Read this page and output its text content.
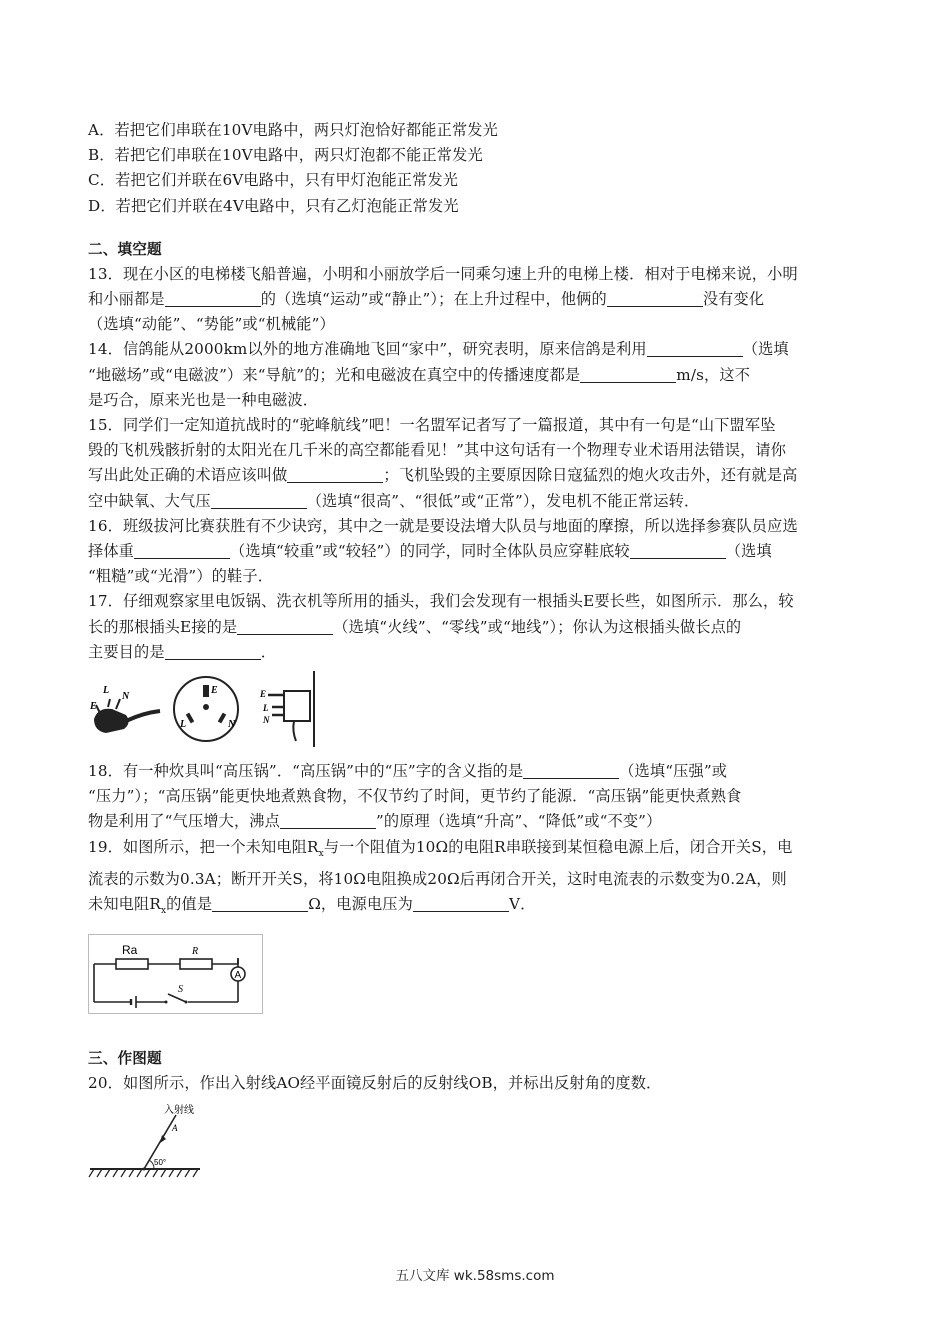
A．若把它们串联在10V电路中，两只灯泡恰好都能正常发光
B．若把它们串联在10V电路中，两只灯泡都不能正常发光
C．若把它们并联在6V电路中，只有甲灯泡能正常发光
D．若把它们并联在4V电路中，只有乙灯泡能正常发光
二、填空题
13．现在小区的电梯楼飞船普遍，小明和小丽放学后一同乘匀速上升的电梯上楼．相对于电梯来说，小明
和小丽都是	的（选填“运动”或“静止”）；在上升过程中，他俩的	没有变化
（选填“动能”、“势能”或“机械能”）
14．信鸽能从2000km以外的地方准确地飞回“家中”，研究表明，原来信鸽是利用	（选填
“地磁场”或“电磁波”）来“导航”的；光和电磁波在真空中的传播速度都是	m/s，这不
是巧合，原来光也是一种电磁波．
15．同学们一定知道抗战时的“驼峰航线”吧！一名盟军记者写了一篇报道，其中有一句是“山下盟军坠
毁的飞机残骸折射的太阳光在几千米的高空都能看见！”其中这句话有一个物理专业术语用法错误，请你
写出此处正确的术语应该叫做	；飞机坠毁的主要原因除日寇猛烈的炮火攻击外，还有就是高
空中缺氧、大气压	（选填“很高”、“很低”或“正常”），发电机不能正常运转．
16．班级拔河比赛获胜有不少诀窍，其中之一就是要设法增大队员与地面的摩擦，所以选择参赛队员应选
择体重	（选填“较重”或“较轻”）的同学，同时全体队员应穿鞋底较	（选填
“粗糙”或“光滑”）的鞋子．
17．仔细观察家里电饭锅、洗衣机等所用的插头，我们会发现有一根插头E要长些，如图所示．那么，较
长的那根插头E接的是	（选填“火线”、“零线”或“地线”）；你认为这根插头做长点的
主要目的是	．
L
E
N
E
L	N
E
L
N
18．有一种炊具叫“高压锅”．“高压锅”中的“压”字的含义指的是	（选填“压强”或
“压力”）；“高压锅”能更快地煮熟食物，不仅节约了时间，更节约了能源．“高压锅”能更快煮熟食
物是利用了“气压增大，沸点	”的原理（选填“升高”、“降低”或“不变”）
19．如图所示，把一个未知电阻$R_x$与一个阻值为10Ω的电阻R串联接到某恒稳电源上后，闭合开关S，电
流表的示数为0.3A；断开开关S，将10Ω电阻换成20Ω后再闭合开关，这时电流表的示数变为0.2A，则
未知电阻$R_x$的值是	Ω，电源电压为	V．
A
Ra	R
S
三、作图题
20．如图所示，作出入射线AO经平面镜反射后的反射线OB，并标出反射角的度数．
入射线
A
50°
五八文库 wk.58sms.com
